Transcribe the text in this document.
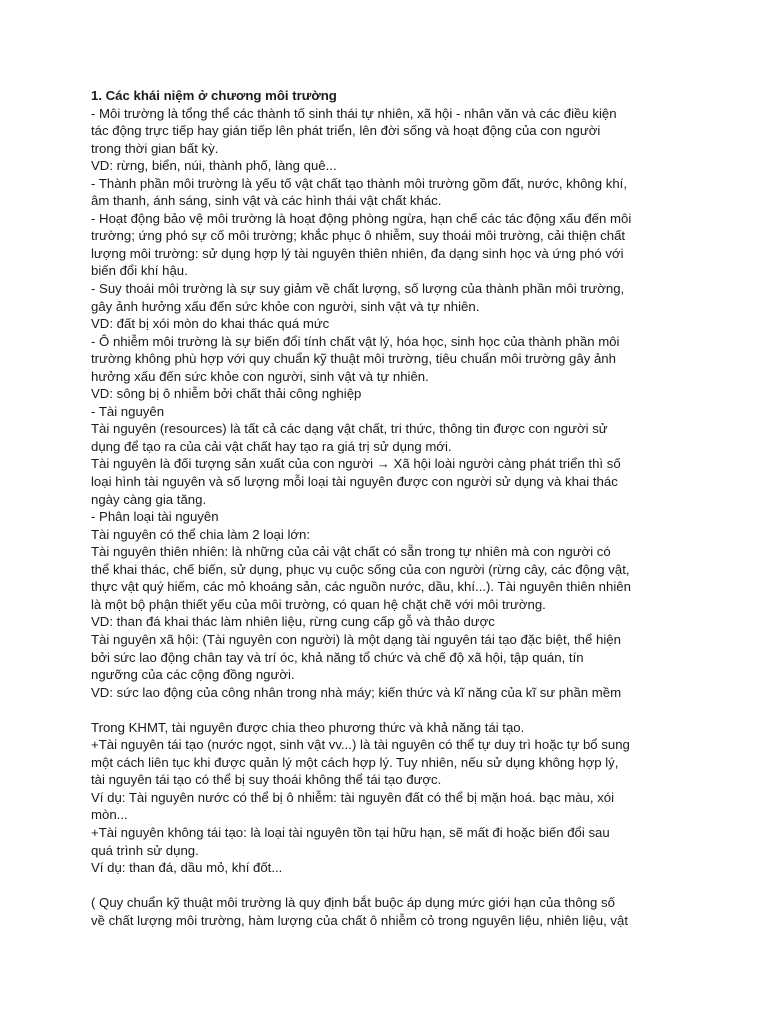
1. Các khái niệm ở chương môi trường
- Môi trường là tổng thể các thành tố sinh thái tự nhiên, xã hội - nhân văn và các điều kiện
tác động trực tiếp hay gián tiếp lên phát triển, lên đời sống và hoạt động của con người
trong thời gian bất kỳ.
VD: rừng, biển, núi, thành phố, làng quê...
- Thành phần môi trường là yếu tố vật chất tạo thành môi trường gồm đất, nước, không khí,
âm thanh, ánh sáng, sinh vật và các hình thái vật chất khác.
- Hoạt động bảo vệ môi trường là hoạt động phòng ngừa, hạn chế các tác động xấu đến môi
trường; ứng phó sự cố môi trường; khắc phục ô nhiễm, suy thoái môi trường, cải thiện chất
lượng môi trường: sử dụng hợp lý tài nguyên thiên nhiên, đa dạng sinh học và ứng phó với
biến đổi khí hậu.
- Suy thoái môi trường là sự suy giảm về chất lượng, số lượng của thành phần môi trường,
gây ảnh hưởng xấu đến sức khỏe con người, sinh vật và tự nhiên.
VD: đất bị xói mòn do khai thác quá mức
- Ô nhiễm môi trường là sự biến đổi tính chất vật lý, hóa học, sinh học của thành phần môi
trường không phù hợp với quy chuẩn kỹ thuật môi trường, tiêu chuẩn môi trường gây ảnh
hưởng xấu đến sức khỏe con người, sinh vật và tự nhiên.
VD: sông bị ô nhiễm bởi chất thải công nghiệp
- Tài nguyên
Tài nguyên (resources) là tất cả các dạng vật chất, tri thức, thông tin được con người sử
dụng để tạo ra của cải vật chất hay tạo ra giá trị sử dụng mới.
Tài nguyên là đối tượng sản xuất của con người → Xã hội loài người càng phát triển thì số
loại hình tài nguyên và số lượng mỗi loại tài nguyên được con người sử dụng và khai thác
ngày càng gia tăng.
- Phân loại tài nguyên
Tài nguyên có thể chia làm 2 loại lớn:
Tài nguyên thiên nhiên: là những của cải vật chất có sẵn trong tự nhiên mà con người có
thể khai thác, chế biến, sử dụng, phục vụ cuộc sống của con người (rừng cây, các động vật,
thực vật quý hiếm, các mỏ khoáng sản, các nguồn nước, dầu, khí...). Tài nguyên thiên nhiên
là một bộ phận thiết yếu của môi trường, có quan hệ chặt chẽ với môi trường.
VD: than đá khai thác làm nhiên liệu, rừng cung cấp gỗ và thảo dược
Tài nguyên xã hội: (Tài nguyên con người) là một dạng tài nguyên tái tạo đặc biệt, thể hiện
bởi sức lao động chân tay và trí óc, khả năng tổ chức và chế độ xã hội, tập quán, tín
ngưỡng của các cộng đồng người.
VD: sức lao động của công nhân trong nhà máy; kiến thức và kĩ năng của kĩ sư phần mềm
Trong KHMT, tài nguyên được chia theo phương thức và khả năng tái tạo.
+Tài nguyên tái tạo (nước ngọt, sinh vật vv...) là tài nguyên có thể tự duy trì hoặc tự bổ sung
một cách liên tục khi được quản lý một cách hợp lý. Tuy nhiên, nếu sử dụng không hợp lý,
tài nguyên tái tạo có thể bị suy thoái không thể tái tạo được.
Ví dụ: Tài nguyên nước có thể bị ô nhiễm: tài nguyên đất có thể bị mặn hoá. bạc màu, xói
mòn...
+Tài nguyên không tái tạo: là loại tài nguyên tồn tại hữu hạn, sẽ mất đi hoặc biến đổi sau
quá trình sử dụng.
Ví dụ: than đá, dầu mỏ, khí đốt...
( Quy chuẩn kỹ thuật môi trường là quy định bắt buộc áp dụng mức giới hạn của thông số
về chất lượng môi trường, hàm lượng của chất ô nhiễm cỏ trong nguyên liệu, nhiên liệu, vật
